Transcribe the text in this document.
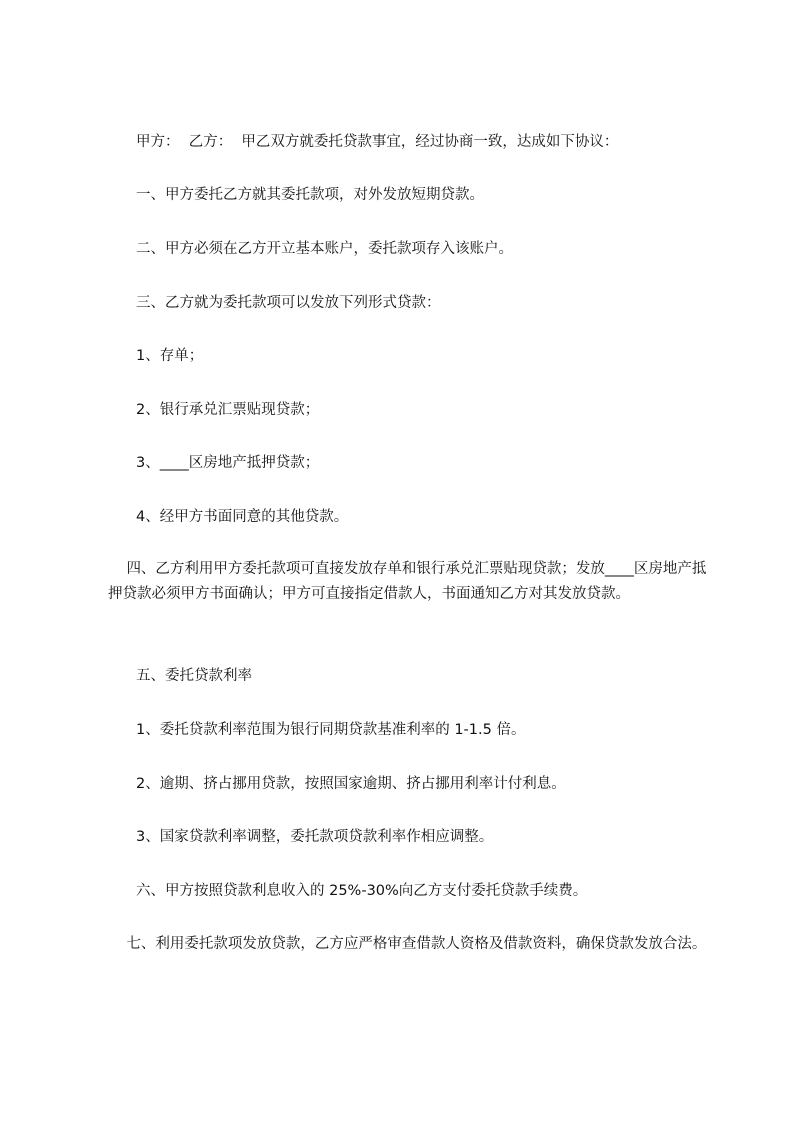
甲方：  乙方：  甲乙双方就委托贷款事宜，经过协商一致，达成如下协议：
一、甲方委托乙方就其委托款项，对外发放短期贷款。
二、甲方必须在乙方开立基本账户，委托款项存入该账户。
三、乙方就为委托款项可以发放下列形式贷款：
1、存单；
2、银行承兑汇票贴现贷款；
3、____区房地产抵押贷款；
4、经甲方书面同意的其他贷款。
四、乙方利用甲方委托款项可直接发放存单和银行承兑汇票贴现贷款；发放____区房地产抵押贷款必须甲方书面确认；甲方可直接指定借款人，书面通知乙方对其发放贷款。
五、委托贷款利率
1、委托贷款利率范围为银行同期贷款基准利率的 1-1.5 倍。
2、逾期、挤占挪用贷款，按照国家逾期、挤占挪用利率计付利息。
3、国家贷款利率调整，委托款项贷款利率作相应调整。
六、甲方按照贷款利息收入的 25%-30%向乙方支付委托贷款手续费。
七、利用委托款项发放贷款，乙方应严格审查借款人资格及借款资料，确保贷款发放合法。
